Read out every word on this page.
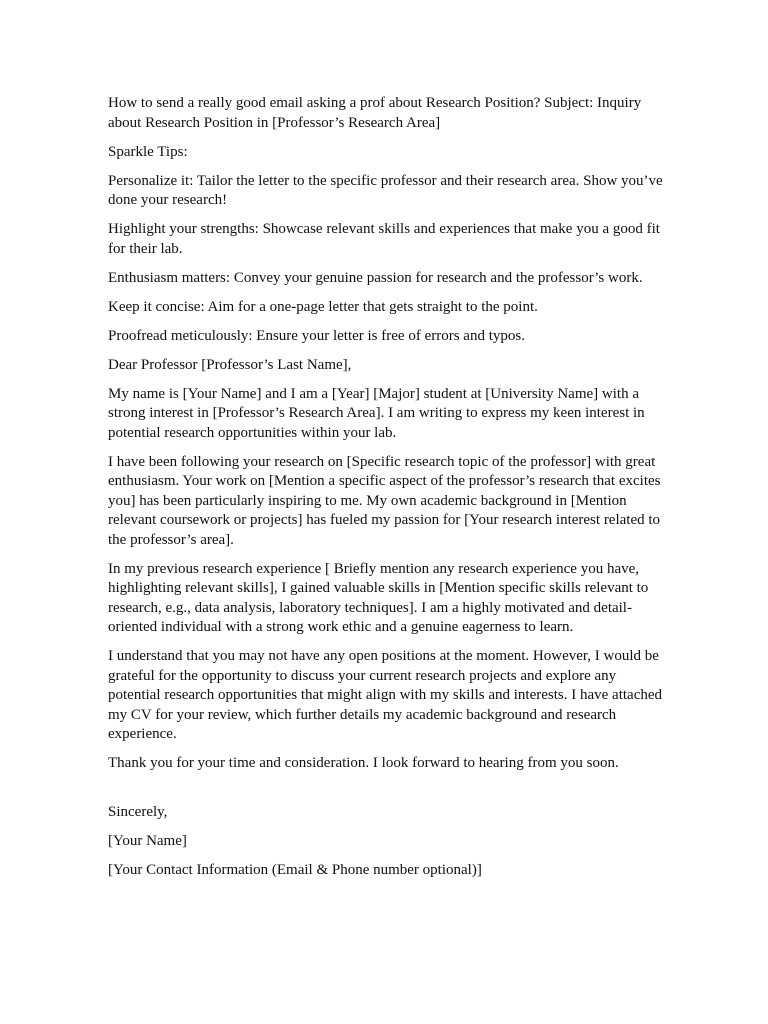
How to send a really good email asking a prof about Research Position? Subject: Inquiry about Research Position in [Professor’s Research Area]

Sparkle Tips:

Personalize it: Tailor the letter to the specific professor and their research area. Show you’ve done your research!

Highlight your strengths: Showcase relevant skills and experiences that make you a good fit for their lab.

Enthusiasm matters: Convey your genuine passion for research and the professor’s work.

Keep it concise: Aim for a one-page letter that gets straight to the point.

Proofread meticulously: Ensure your letter is free of errors and typos.

Dear Professor [Professor’s Last Name],

My name is [Your Name] and I am a [Year] [Major] student at [University Name] with a strong interest in [Professor’s Research Area]. I am writing to express my keen interest in potential research opportunities within your lab.

I have been following your research on [Specific research topic of the professor] with great enthusiasm. Your work on [Mention a specific aspect of the professor’s research that excites you] has been particularly inspiring to me. My own academic background in [Mention relevant coursework or projects] has fueled my passion for [Your research interest related to the professor’s area].

In my previous research experience [ Briefly mention any research experience you have, highlighting relevant skills], I gained valuable skills in [Mention specific skills relevant to research, e.g., data analysis, laboratory techniques]. I am a highly motivated and detail-oriented individual with a strong work ethic and a genuine eagerness to learn.

I understand that you may not have any open positions at the moment. However, I would be grateful for the opportunity to discuss your current research projects and explore any potential research opportunities that might align with my skills and interests. I have attached my CV for your review, which further details my academic background and research experience.

Thank you for your time and consideration. I look forward to hearing from you soon.

Sincerely,

[Your Name]

[Your Contact Information (Email & Phone number optional)]
